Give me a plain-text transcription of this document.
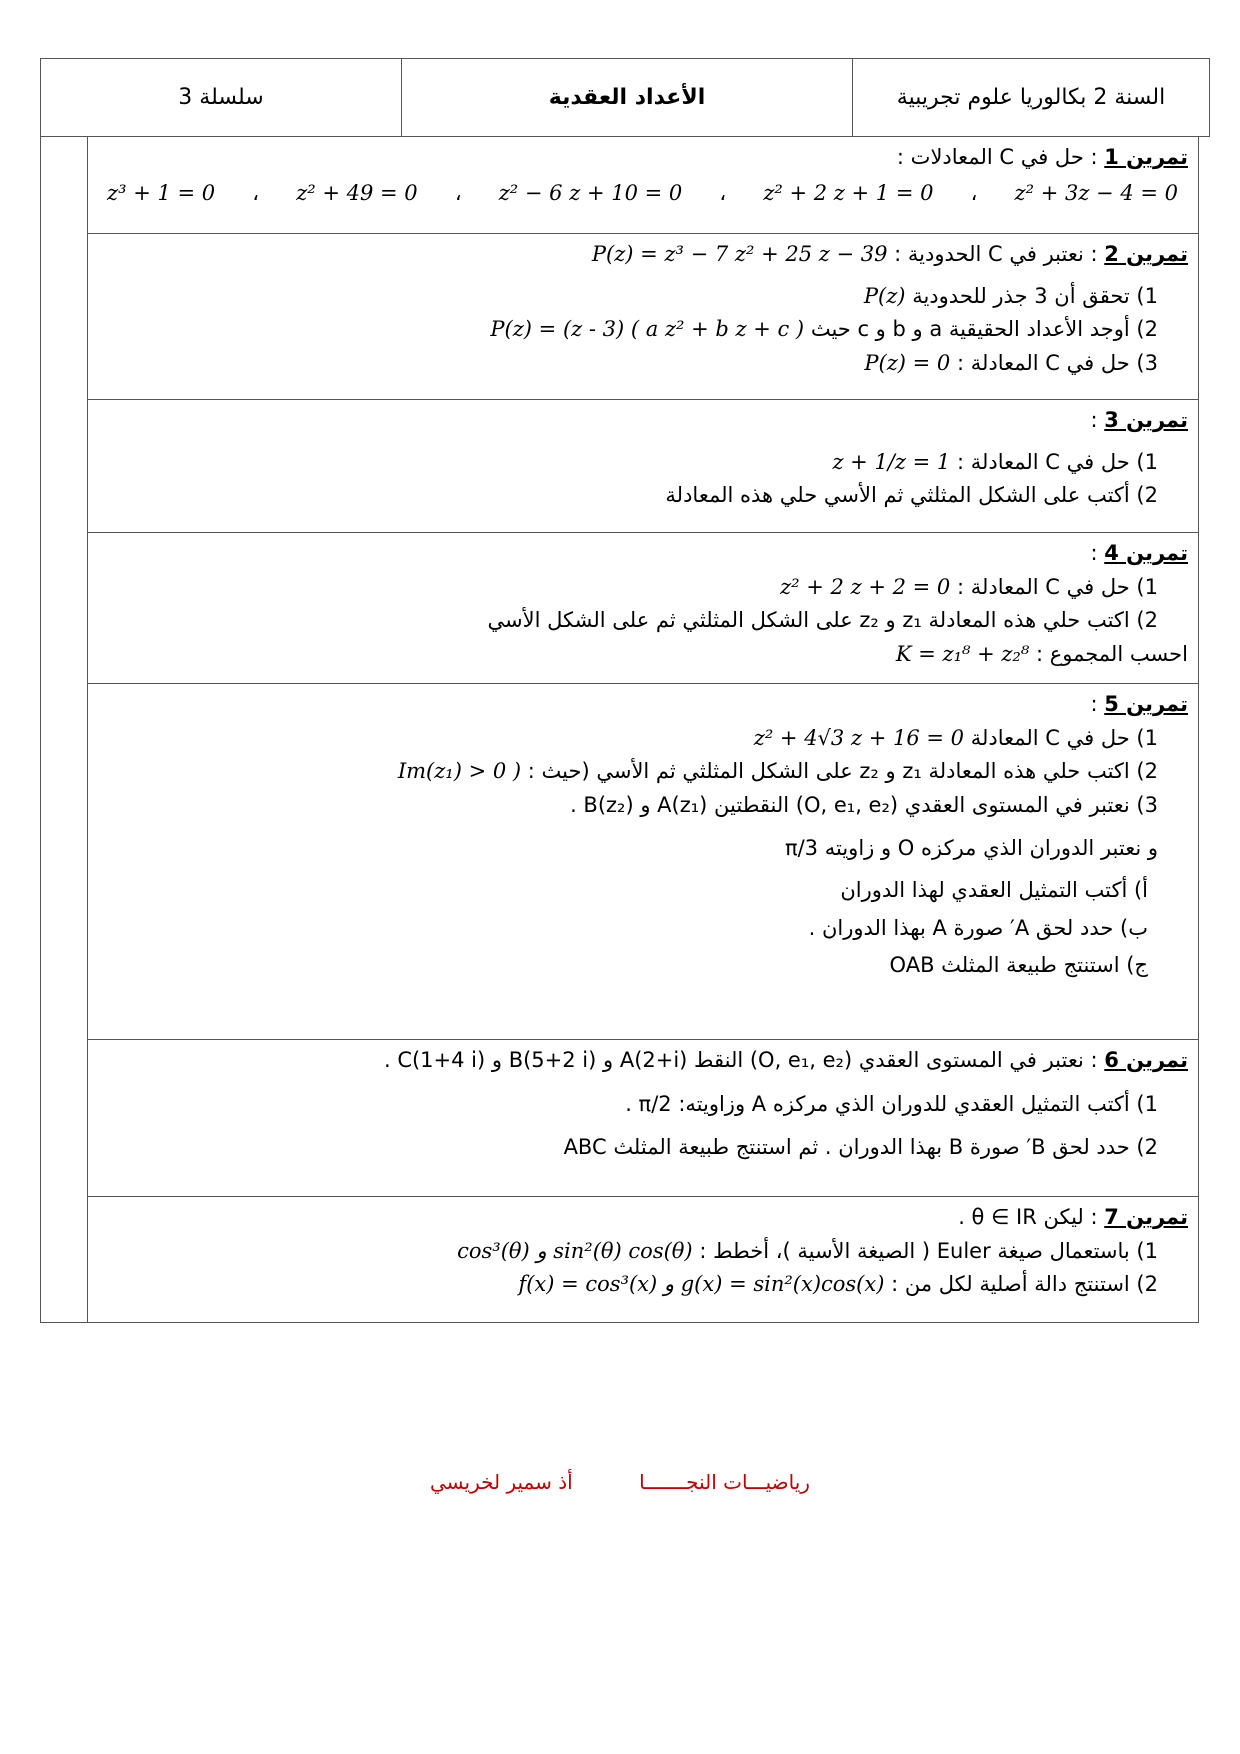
السنة 2 بكالوريا علوم تجريبية	الأعداد العقدية	سلسلة 3
تمرين 1 : حل في C المعادلات :
z² + 3z − 4 = 0
،
z² + 2 z + 1 = 0
،
z² − 6 z + 10 = 0
،
z² + 49 = 0
،
z³ + 1 = 0
تمرين 2 : نعتبر في C الحدودية : P(z) = z³ − 7 z² + 25 z − 39
1) تحقق أن 3 جذر للحدودية P(z)
2) أوجد الأعداد الحقيقية a و b و c حيث P(z) = (z - 3) ( a z² + b z + c )
3) حل في C المعادلة : P(z) = 0
تمرين 3 :
1) حل في C المعادلة : z + 1/z = 1
2) أكتب على الشكل المثلثي ثم الأسي حلي هذه المعادلة
تمرين 4 :
1) حل في C المعادلة : z² + 2 z + 2 = 0
2) اكتب حلي هذه المعادلة z₁ و z₂ على الشكل المثلثي ثم على الشكل الأسي
احسب المجموع : K = z₁⁸ + z₂⁸
تمرين 5 :
1) حل في C المعادلة z² + 4√3 z + 16 = 0
2) اكتب حلي هذه المعادلة z₁ و z₂ على الشكل المثلثي ثم الأسي (حيث : Im(z₁) > 0 )
3) نعتبر في المستوى العقدي (O, e₁, e₂) النقطتين A(z₁) و B(z₂) .
و نعتبر الدوران الذي مركزه O و زاويته π/3
أ) أكتب التمثيل العقدي لهذا الدوران
ب) حدد لحق A′ صورة A بهذا الدوران .
ج) استنتج طبيعة المثلث OAB
تمرين 6 : نعتبر في المستوى العقدي (O, e₁, e₂) النقط A(2+i) و B(5+2 i) و C(1+4 i) .
1) أكتب التمثيل العقدي للدوران الذي مركزه A وزاويته: π/2 .
2) حدد لحق B′ صورة B بهذا الدوران . ثم استنتج طبيعة المثلث ABC
تمرين 7 : ليكن θ ∈ IR .
1) باستعمال صيغة Euler ( الصيغة الأسية )، أخطط : cos³(θ) و sin²(θ) cos(θ)
2) استنتج دالة أصلية لكل من : f(x) = cos³(x) و g(x) = sin²(x)cos(x)
رياضيـــات النجـــــــا أذ سمير لخريسي
